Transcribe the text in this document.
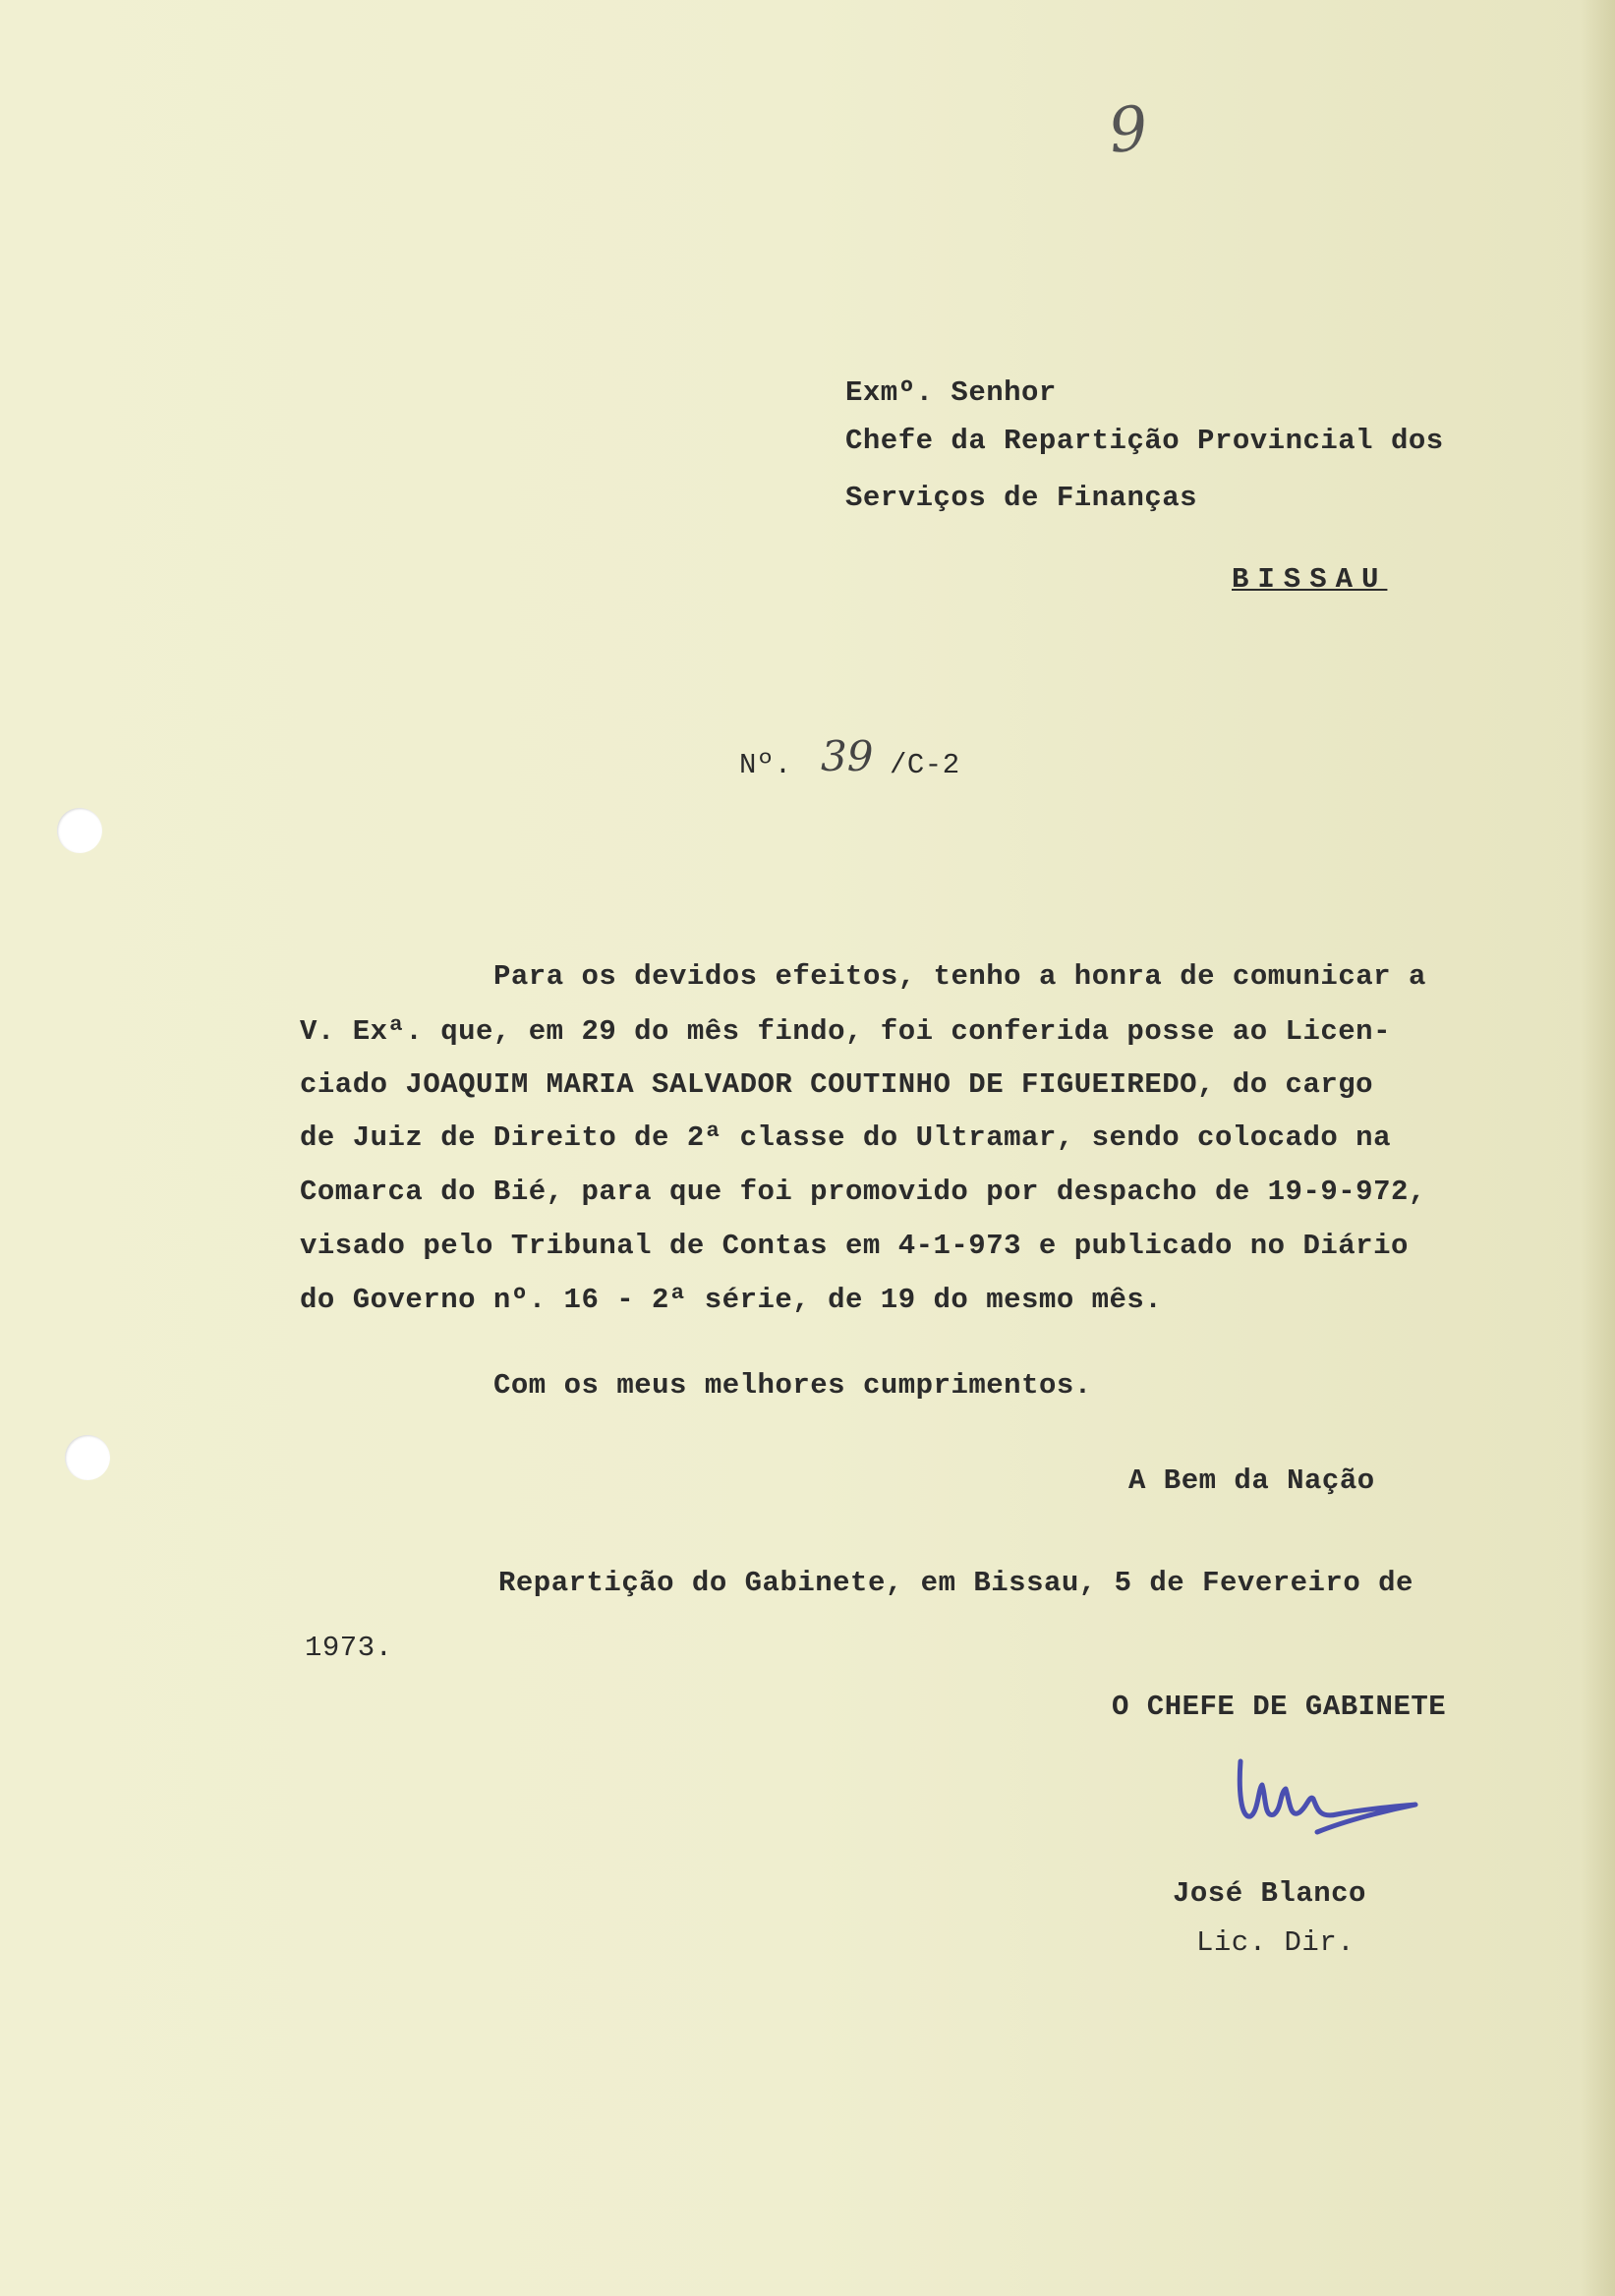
9
Exmº. Senhor
Chefe da Repartição Provincial dos
Serviços de Finanças
BISSAU
Nº. 39 /C-2
Para os devidos efeitos, tenho a honra de comunicar a
V. Exª. que, em 29 do mês findo, foi conferida posse ao Licen-
ciado JOAQUIM MARIA SALVADOR COUTINHO DE FIGUEIREDO, do cargo
de Juiz de Direito de 2ª classe do Ultramar, sendo colocado na
Comarca do Bié, para que foi promovido por despacho de 19-9-972,
visado pelo Tribunal de Contas em 4-1-973 e publicado no Diário
do Governo nº. 16 - 2ª série, de 19 do mesmo mês.
Com os meus melhores cumprimentos.
A Bem da Nação
Repartição do Gabinete, em Bissau, 5 de Fevereiro de
1973.
O CHEFE DE GABINETE
José Blanco
Lic. Dir.
